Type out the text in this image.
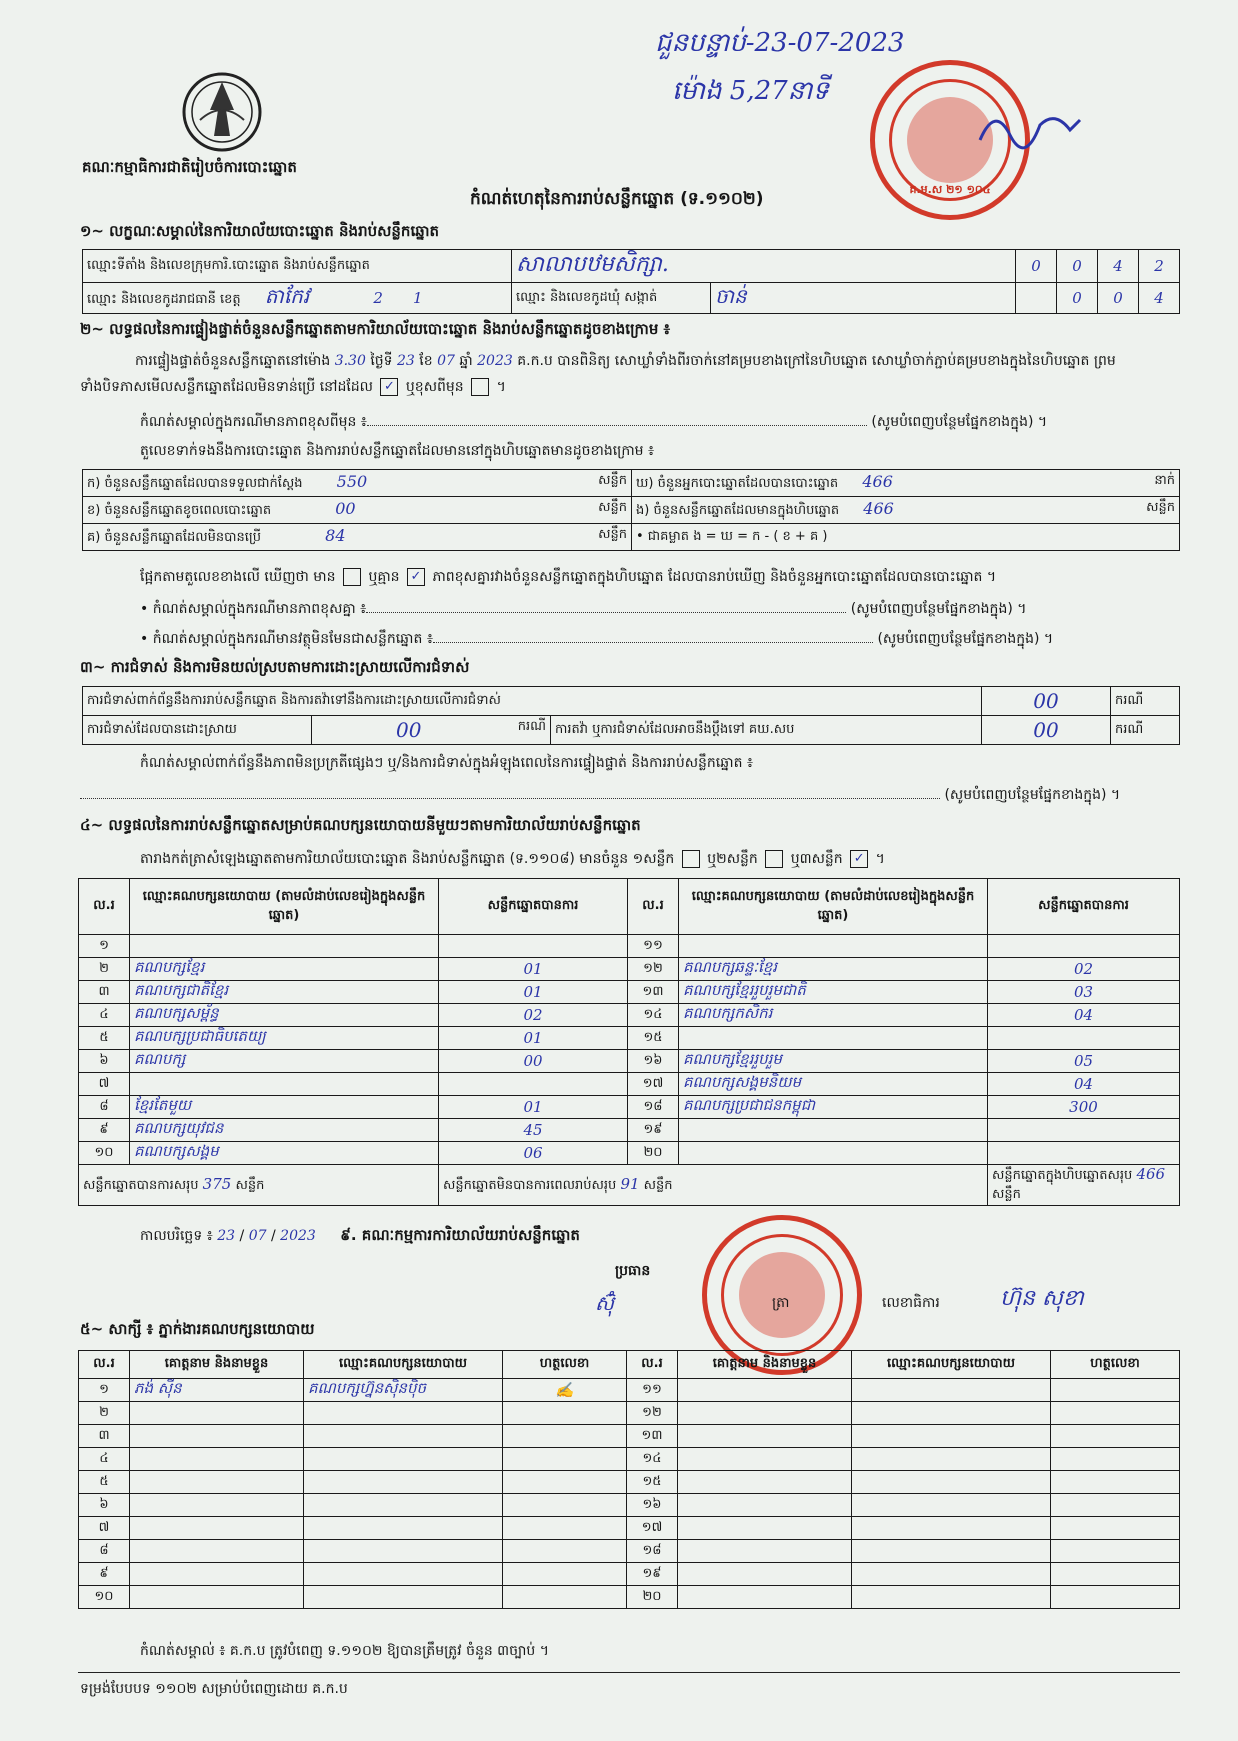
គណៈកម្មាធិការជាតិរៀបចំការបោះឆ្នោត
ជួនបន្ទាប់-23-07-2023
ម៉ោង 5,27នាទី
គ.ម.ស ២១ ១០៤
កំណត់ហេតុនៃការរាប់សន្លឹកឆ្នោត (ទ.១១០២)
១~ លក្ខណៈសម្គាល់នៃការិយាល័យបោះឆ្នោត និងរាប់សន្លឹកឆ្នោត
ឈ្មោះទីតាំង និងលេខក្រុមការិ.បោះឆ្នោត និងរាប់សន្លឹកឆ្នោត	សាលាបឋមសិក្សា.		0	0	4	2
ឈ្មោះ និងលេខកូដរាជធានី ខេត្ត តាកែវ 2 1	ឈ្មោះ និងលេខកូដឃុំ សង្កាត់	ចាន់		0	0	4
២~ លទ្ធផលនៃការផ្ទៀងផ្ទាត់ចំនួនសន្លឹកឆ្នោតតាមការិយាល័យបោះឆ្នោត និងរាប់សន្លឹកឆ្នោតដូចខាងក្រោម ៖
ការផ្ទៀងផ្ទាត់ចំនួនសន្លឹកឆ្នោតនៅម៉ោង 3.30 ថ្ងៃទី 23 ខែ 07 ឆ្នាំ 2023 គ.ក.ប បានពិនិត្យ សោឃ្លាំទាំងពីរចាក់នៅគម្របខាងក្រៅនៃហិបឆ្នោត សោឃ្លាំចាក់ភ្ជាប់គម្របខាងក្នុងនៃហិបឆ្នោត ព្រមទាំងបិទភាសមើលសន្លឹកឆ្នោតដែលមិនទាន់ប្រើ នៅដដែល ✓ ឬខុសពីមុន  ។
កំណត់សម្គាល់ក្នុងករណីមានភាពខុសពីមុន ៖	(សូមបំពេញបន្ថែមផ្នែកខាងក្នុង) ។
តួលេខទាក់ទងនឹងការបោះឆ្នោត និងការរាប់សន្លឹកឆ្នោតដែលមាននៅក្នុងហិបឆ្នោតមានដូចខាងក្រោម ៖
ក) ចំនួនសន្លឹកឆ្នោតដែលបានទទួលជាក់ស្តែង 550 សន្លឹក	ឃ) ចំនួនអ្នកបោះឆ្នោតដែលបានបោះឆ្នោត 466 នាក់

ខ) ចំនួនសន្លឹកឆ្នោតខូចពេលបោះឆ្នោត 00 សន្លឹក	ង) ចំនួនសន្លឹកឆ្នោតដែលមានក្នុងហិបឆ្នោត 466 សន្លឹក

គ) ចំនួនសន្លឹកឆ្នោតដែលមិនបានប្រើ 84 សន្លឹក	• ជាគម្លាត ង = ឃ = ក - ( ខ + គ )
ផ្អែកតាមតួលេខខាងលើ ឃើញថា មាន ឬគ្មាន ✓ ភាពខុសគ្នារវាងចំនួនសន្លឹកឆ្នោតក្នុងហិបឆ្នោត ដែលបានរាប់ឃើញ និងចំនួនអ្នកបោះឆ្នោតដែលបានបោះឆ្នោត ។
• កំណត់សម្គាល់ក្នុងករណីមានភាពខុសគ្នា ៖	(សូមបំពេញបន្ថែមផ្នែកខាងក្នុង) ។
• កំណត់សម្គាល់ក្នុងករណីមានវត្ថុមិនមែនជាសន្លឹកឆ្នោត ៖	(សូមបំពេញបន្ថែមផ្នែកខាងក្នុង) ។
៣~ ការជំទាស់ និងការមិនយល់ស្របតាមការដោះស្រាយលើការជំទាស់
ការជំទាស់ពាក់ព័ន្ធនឹងការរាប់សន្លឹកឆ្នោត និងការតវ៉ាទៅនឹងការដោះស្រាយលើការជំទាស់			00	ករណី
ការជំទាស់ដែលបានដោះស្រាយ	00 ករណី	ការតវ៉ា ឬការជំទាស់ដែលអាចនឹងប្តឹងទៅ គឃ.សប	00	ករណី
កំណត់សម្គាល់ពាក់ព័ន្ធនឹងភាពមិនប្រក្រតីផ្សេងៗ ឬ/និងការជំទាស់ក្នុងអំឡុងពេលនៃការផ្ទៀងផ្ទាត់ និងការរាប់សន្លឹកឆ្នោត ៖
(សូមបំពេញបន្ថែមផ្នែកខាងក្នុង) ។
៤~ លទ្ធផលនៃការរាប់សន្លឹកឆ្នោតសម្រាប់គណបក្សនយោបាយនីមួយៗតាមការិយាល័យរាប់សន្លឹកឆ្នោត
តារាងកត់ត្រាសំឡេងឆ្នោតតាមការិយាល័យបោះឆ្នោត និងរាប់សន្លឹកឆ្នោត (ទ.១១០៨) មានចំនួន ១សន្លឹក ឬ២សន្លឹក ឬ៣សន្លឹក ✓ ។
ល.រ	ឈ្មោះគណបក្សនយោបាយ (តាមលំដាប់លេខរៀងក្នុងសន្លឹកឆ្នោត)	សន្លឹកឆ្នោតបានការ	ល.រ	ឈ្មោះគណបក្សនយោបាយ (តាមលំដាប់លេខរៀងក្នុងសន្លឹកឆ្នោត)	សន្លឹកឆ្នោតបានការ
១			១១		
២	គណបក្សខ្មែរ	01	១២	គណបក្សឆន្ទៈខ្មែរ	02
៣	គណបក្សជាតិខ្មែរ	01	១៣	គណបក្សខ្មែររួបរួមជាតិ	03
៤	គណបក្សសម្ព័ន្ធ	02	១៤	គណបក្សកសិករ	04
៥	គណបក្សប្រជាធិបតេយ្យ	01	១៥		
៦	គណបក្ស	00	១៦	គណបក្សខ្មែររួបរួម	05
៧			១៧	គណបក្សសង្គមនិយម	04
៨	ខ្មែរតែមួយ	01	១៨	គណបក្សប្រជាជនកម្ពុជា	300
៩	គណបក្សយុវជន	45	១៩		
១០	គណបក្សសង្គម	06	២០		
សន្លឹកឆ្នោតបានការសរុប 375 សន្លឹក		សន្លឹកឆ្នោតមិនបានការពេលរាប់សរុប 91 សន្លឹក			សន្លឹកឆ្នោតក្នុងហិបឆ្នោតសរុប 466 សន្លឹក
កាលបរិច្ឆេទ ៖ 23 / 07 / 2023 ៩. គណៈកម្មការការិយាល័យរាប់សន្លឹកឆ្នោត
ប្រធាន
ស៊ុំ	ត្រា	លេខាធិការ	ហ៊ុន សុខា
៥~ សាក្សី ៖ ភ្នាក់ងារគណបក្សនយោបាយ
ល.រ	គោត្តនាម និងនាមខ្លួន	ឈ្មោះគណបក្សនយោបាយ	ហត្ថលេខា	ល.រ	គោត្តនាម និងនាមខ្លួន	ឈ្មោះគណបក្សនយោបាយ	ហត្ថលេខា
១	ភង់ ស៊ីន	គណបក្សហ្វ៊ុនស៊ិនប៉ិច	✍	១១			
២				១២			
៣				១៣			
៤				១៤			
៥				១៥			
៦				១៦			
៧				១៧			
៨				១៨			
៩				១៩			
១០				២០			
កំណត់សម្គាល់ ៖ គ.ក.ប ត្រូវបំពេញ ទ.១១០២ ឱ្យបានត្រឹមត្រូវ ចំនួន ៣ច្បាប់ ។
ទម្រង់បែបបទ ១១០២ សម្រាប់បំពេញដោយ គ.ក.ប
